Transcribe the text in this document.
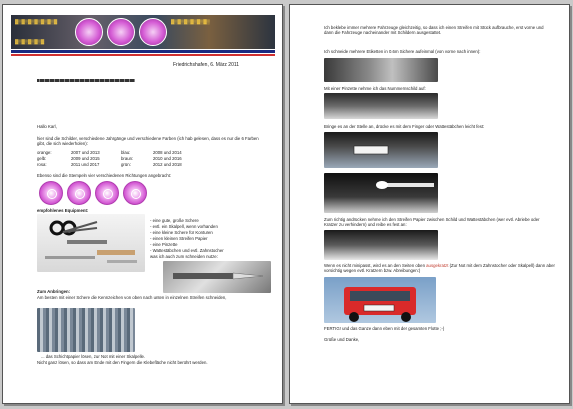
▓▒▓▒▓▒▓▒▓▒▓▒▓	▓▒▓▒▓▒▓▒▓▒▓▒
▓▒▓▒▓▒▓▒▓
Friedrichshafen, 6. März 2011
Hallo Karl,
hier sind die Schilder, verschiedene Jahrgänge und verschiedene Farben (ich hab gelesen, dass es nur die 6 Farben gibt, die sich wiederholen):
orange:	2007 und 2013	blau:	2008 und 2014
gelb:	2009 und 2015	braun:	2010 und 2016
rosa:	2011 und 2017	grün:	2012 und 2018
Ebenso sind die Stempeln vier verschiedenen Richtungen angebracht:
empfohlenes Equipment:
- eine gute, große Schere
- evtl. ein Skalpell, wenn vorhanden
- eine kleine Schere für Konturen
- einen kleinen Streifen Papier
- eine Pinzette
- Wattestäbchen und evtl. Zahnstocher
was ich auch zum schneiden nutze:
Zum Anbringen:
Am besten mit einer Schere die Kennzeichen von oben nach unten in einzelnen Streifen schneiden,
... das Schichtpapier lösen, zur Not mit einer Skalpelle.
Nicht ganz lösen, so dass am Ende mit den Fingern die Klebefläche nicht berührt werden.
Ich beklebe immer mehrere Fahrzeuge gleichzeitig, so dass ich einen Streifen mit Stück aufbrauche, erst vorne und dann die Fahrzeuge nacheinander mit Schildern ausgestattet.
Ich schneide mehrere Etiketten in 0.6m Sichere aufeinmal (von vorne nach innen):
Mit einer Pinzette nehme ich das Nummernschild auf:
Bringe es an der Stelle an, drücke es mit dem Finger oder Wattestäbchen leicht fest:
Zum richtig andrücken nehme ich den Streifen Papier zwischen Schild und Wattestäbchen (wer evtl. Abriebe oder Kratzer zu verhindern) und reibe es fest an:
Wenn es nicht minipasst, wird es an den Seiten oben ausgekratzt (Zur Not mit dem Zahnstocher oder Skalpell) dann aber vorsichtig wegen evtl. Kratzern bzw. Abreibungen:)
FERTIG! und das Ganze dann eben mit der gesamten Flotte ;-)
Grüße und Danke,
